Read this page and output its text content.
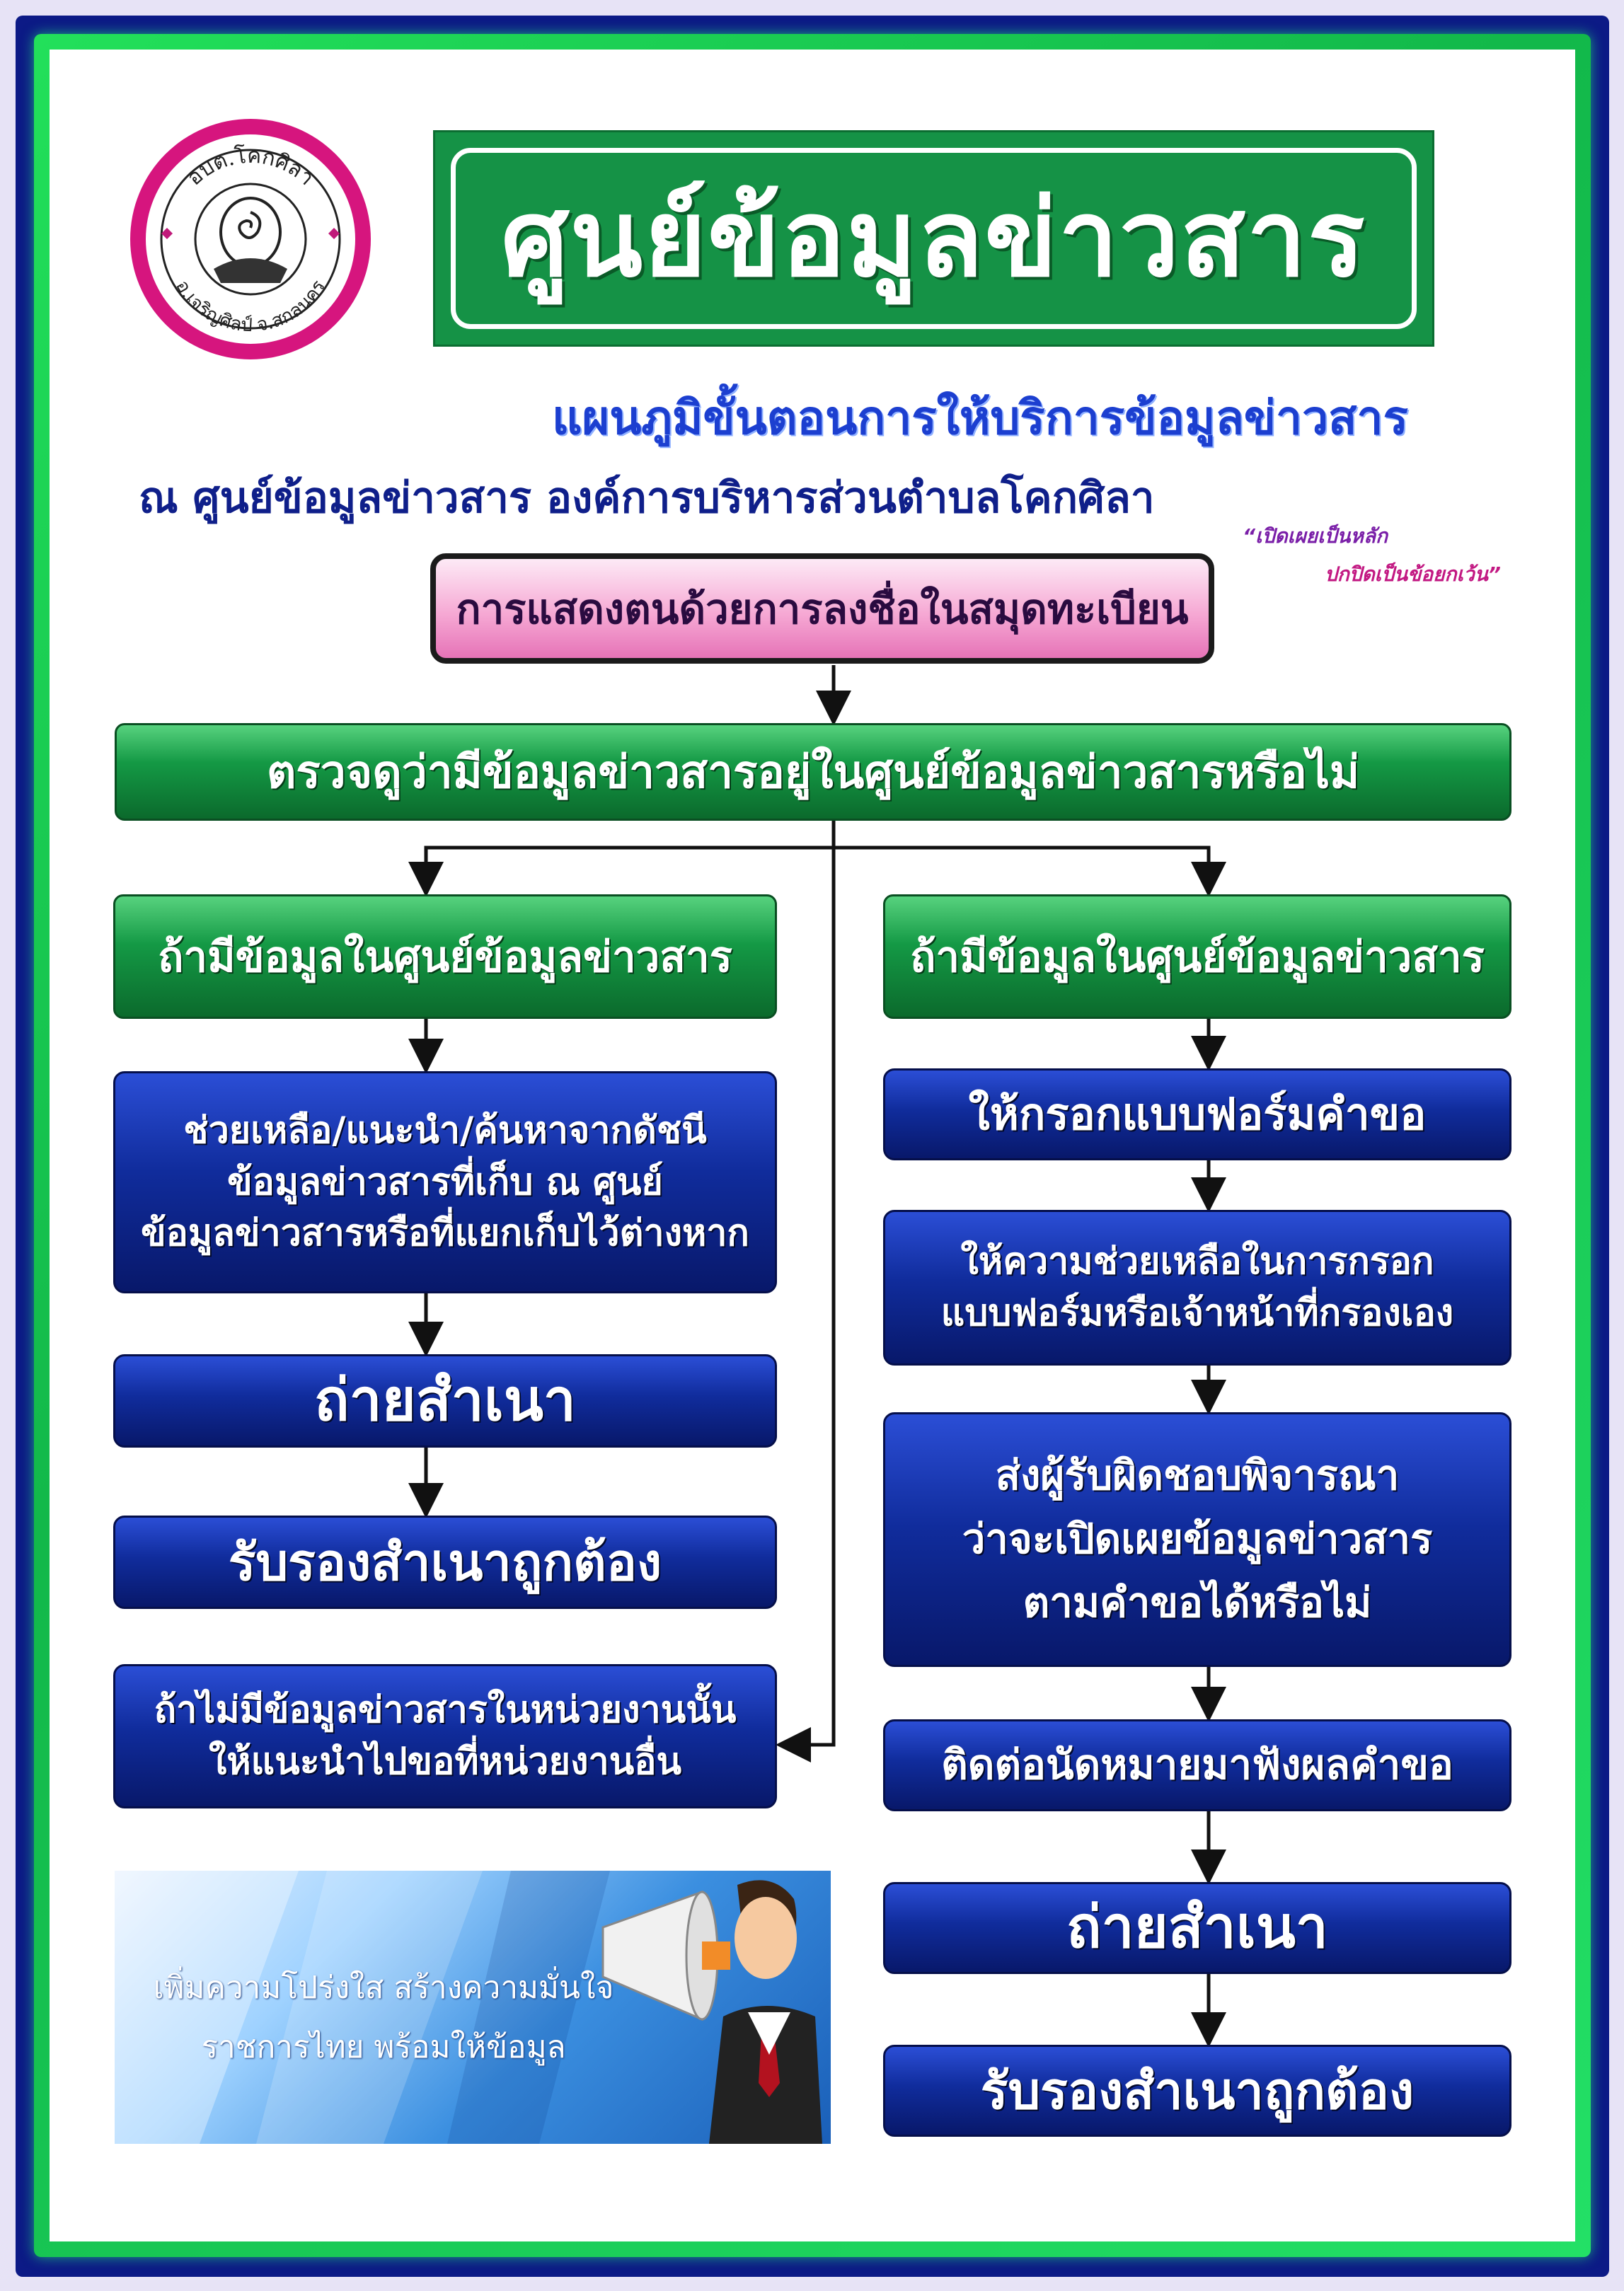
อบต.โคกศิลา
อ.เจริญศิลป์ จ.สกลนคร	ศูนย์ข้อมูลข่าวสาร
แผนภูมิขั้นตอนการให้บริการข้อมูลข่าวสาร
ณ ศูนย์ข้อมูลข่าวสาร องค์การบริหารส่วนตำบลโคกศิลา
“เปิดเผยเป็นหลัก
ปกปิดเป็นข้อยกเว้น”
การแสดงตนด้วยการลงชื่อในสมุดทะเบียน
ตรวจดูว่ามีข้อมูลข่าวสารอยู่ในศูนย์ข้อมูลข่าวสารหรือไม่
ถ้ามีข้อมูลในศูนย์ข้อมูลข่าวสาร	ถ้ามีข้อมูลในศูนย์ข้อมูลข่าวสาร
ช่วยเหลือ/แนะนำ/ค้นหาจากดัชนี
ข้อมูลข่าวสารที่เก็บ ณ ศูนย์
ข้อมูลข่าวสารหรือที่แยกเก็บไว้ต่างหาก
ถ่ายสำเนา
รับรองสำเนาถูกต้อง
ถ้าไม่มีข้อมูลข่าวสารในหน่วยงานนั้น
ให้แนะนำไปขอที่หน่วยงานอื่น
ให้กรอกแบบฟอร์มคำขอ
ให้ความช่วยเหลือในการกรอก
แบบฟอร์มหรือเจ้าหน้าที่กรองเอง
ส่งผู้รับผิดชอบพิจารณา
ว่าจะเปิดเผยข้อมูลข่าวสาร
ตามคำขอได้หรือไม่
ติดต่อนัดหมายมาฟังผลคำขอ
ถ่ายสำเนา
รับรองสำเนาถูกต้อง
เพิ่มความโปร่งใส สร้างความมั่นใจ
ราชการไทย พร้อมให้ข้อมูล
